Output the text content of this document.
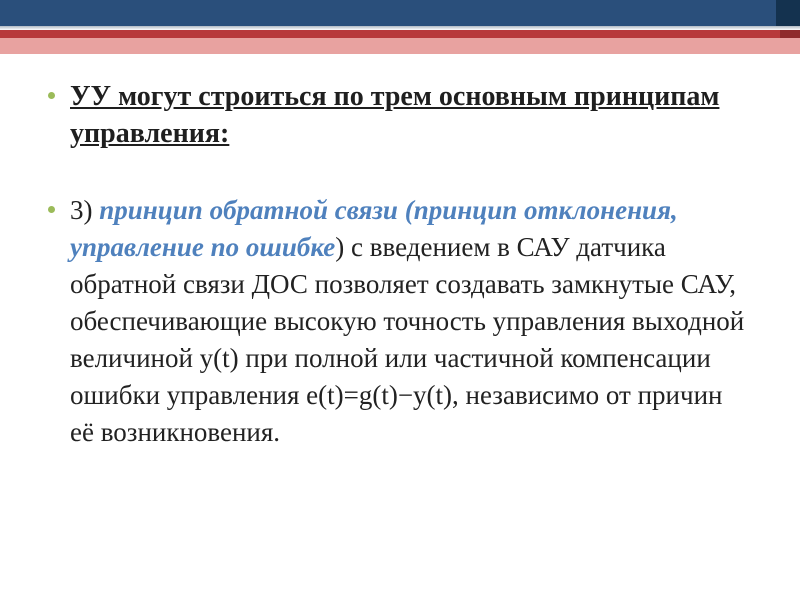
УУ могут строиться по трем основным принципам управления:
3) принцип обратной связи (принцип отклонения, управление по ошибке) с введением в САУ датчика обратной связи ДОС позволяет создавать замкнутые САУ, обеспечивающие высокую точность управления выходной величиной y(t) при полной или частичной компенсации ошибки управления e(t)=g(t)−y(t), независимо от причин её возникновения.
